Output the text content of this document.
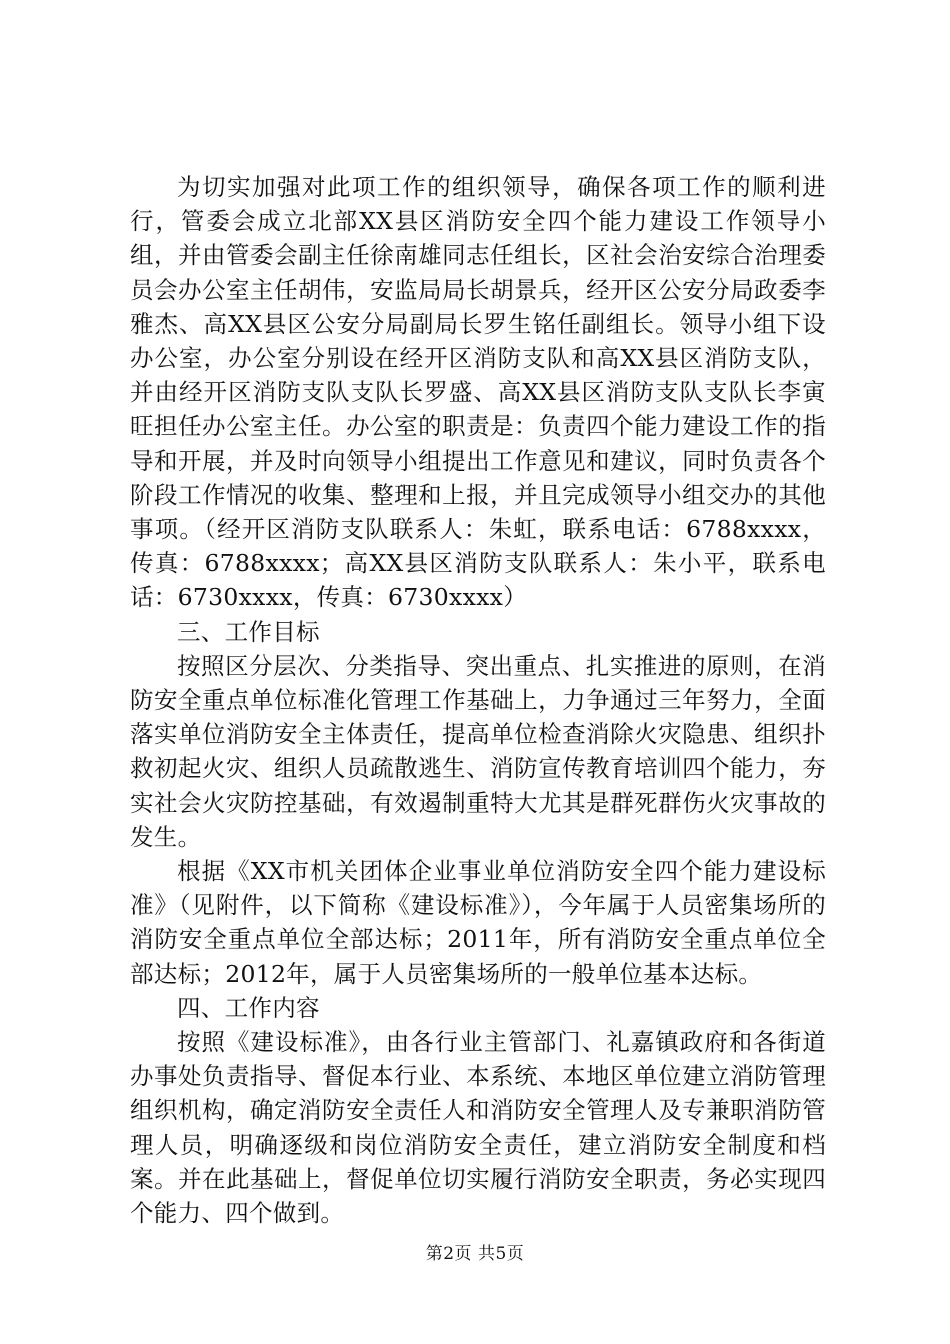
为切实加强对此项工作的组织领导，确保各项工作的顺利进行，管委会成立北部XX县区消防安全四个能力建设工作领导小组，并由管委会副主任徐南雄同志任组长，区社会治安综合治理委员会办公室主任胡伟，安监局局长胡景兵，经开区公安分局政委李雅杰、高XX县区公安分局副局长罗生铭任副组长。领导小组下设办公室，办公室分别设在经开区消防支队和高XX县区消防支队，并由经开区消防支队支队长罗盛、高XX县区消防支队支队长李寅旺担任办公室主任。办公室的职责是：负责四个能力建设工作的指导和开展，并及时向领导小组提出工作意见和建议，同时负责各个阶段工作情况的收集、整理和上报，并且完成领导小组交办的其他事项。（经开区消防支队联系人：朱虹，联系电话：6788xxxx，传真：6788xxxx；高XX县区消防支队联系人：朱小平，联系电话：6730xxxx，传真：6730xxxx）

三、工作目标

按照区分层次、分类指导、突出重点、扎实推进的原则，在消防安全重点单位标准化管理工作基础上，力争通过三年努力，全面落实单位消防安全主体责任，提高单位检查消除火灾隐患、组织扑救初起火灾、组织人员疏散逃生、消防宣传教育培训四个能力，夯实社会火灾防控基础，有效遏制重特大尤其是群死群伤火灾事故的发生。

根据《XX市机关团体企业事业单位消防安全四个能力建设标准》（见附件，以下简称《建设标准》），今年属于人员密集场所的消防安全重点单位全部达标；2011年，所有消防安全重点单位全部达标；2012年，属于人员密集场所的一般单位基本达标。

四、工作内容

按照《建设标准》，由各行业主管部门、礼嘉镇政府和各街道办事处负责指导、督促本行业、本系统、本地区单位建立消防管理组织机构，确定消防安全责任人和消防安全管理人及专兼职消防管理人员，明确逐级和岗位消防安全责任，建立消防安全制度和档案。并在此基础上，督促单位切实履行消防安全职责，务必实现四个能力、四个做到。

第2页 共5页
